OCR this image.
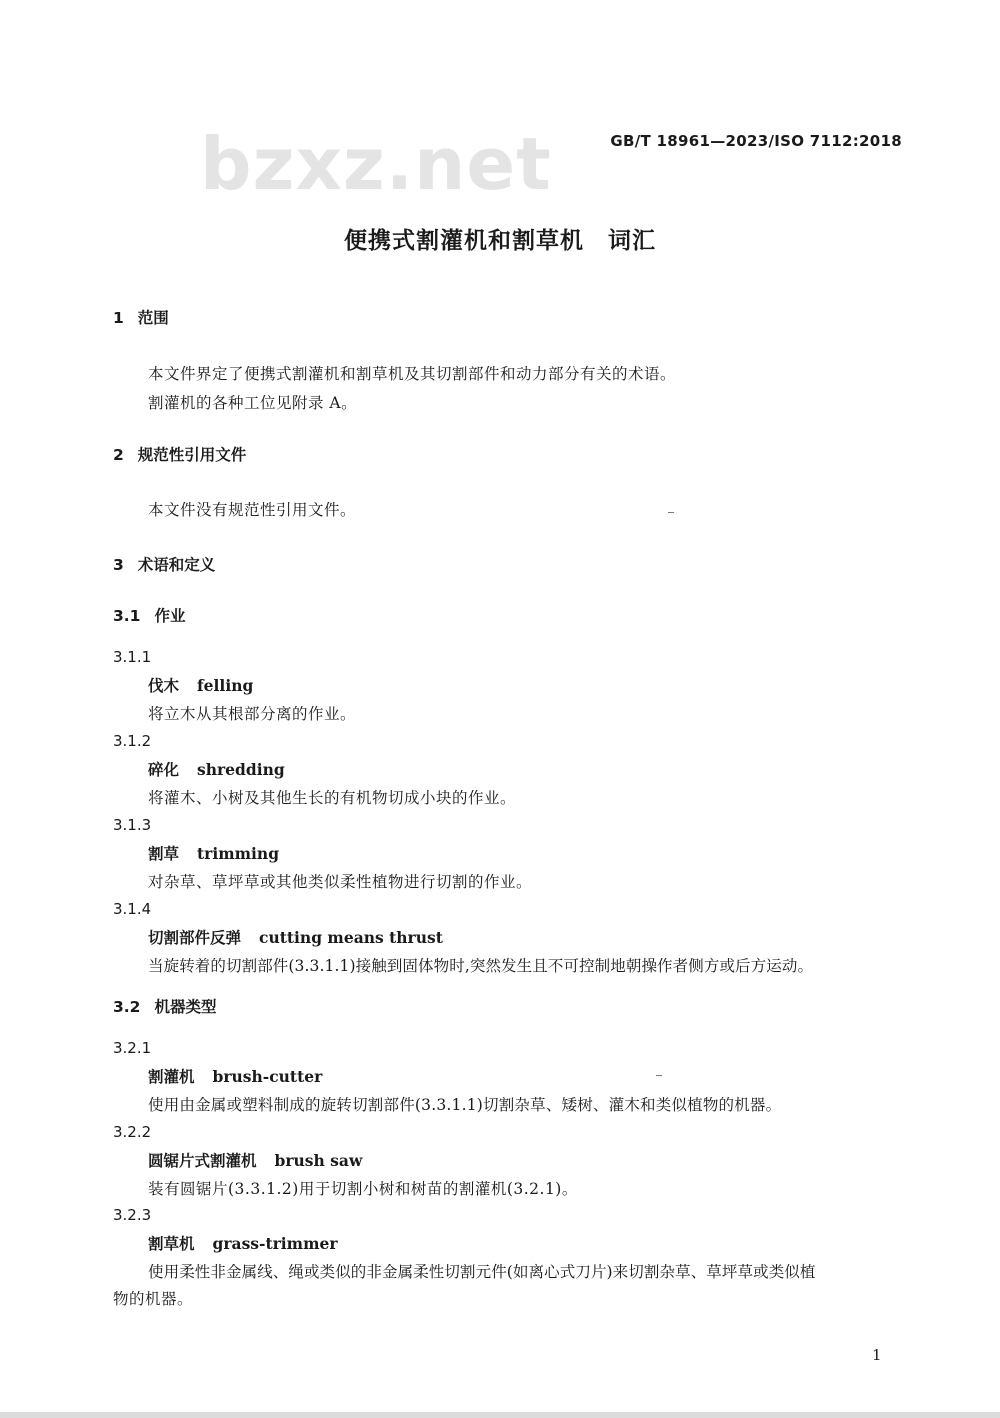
bzxz.net	GB/T 18961—2023/ISO 7112:2018
便携式割灌机和割草机　词汇
1 范围
本文件界定了便携式割灌机和割草机及其切割部件和动力部分有关的术语。
割灌机的各种工位见附录 A。
2 规范性引用文件
本文件没有规范性引用文件。
3 术语和定义
3.1 作业
3.1.1
伐木 felling
将立木从其根部分离的作业。
3.1.2
碎化 shredding
将灌木、小树及其他生长的有机物切成小块的作业。
3.1.3
割草 trimming
对杂草、草坪草或其他类似柔性植物进行切割的作业。
3.1.4
切割部件反弹 cutting means thrust
当旋转着的切割部件(3.3.1.1)接触到固体物时,突然发生且不可控制地朝操作者侧方或后方运动。
3.2 机器类型
3.2.1
割灌机 brush-cutter
使用由金属或塑料制成的旋转切割部件(3.3.1.1)切割杂草、矮树、灌木和类似植物的机器。
3.2.2
圆锯片式割灌机 brush saw
装有圆锯片(3.3.1.2)用于切割小树和树苗的割灌机(3.2.1)。
3.2.3
割草机 grass-trimmer
使用柔性非金属线、绳或类似的非金属柔性切割元件(如离心式刀片)来切割杂草、草坪草或类似植
物的机器。
1
